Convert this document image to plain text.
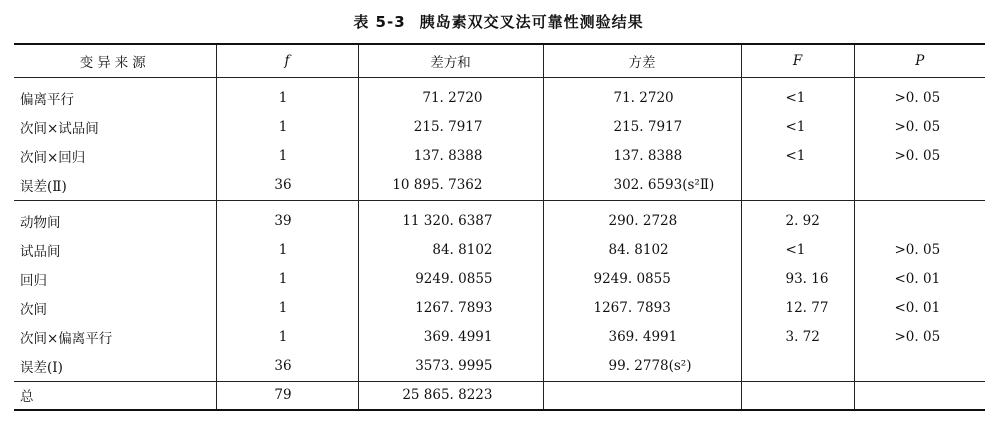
表 5-3 胰岛素双交叉法可靠性测验结果
变异来源	f	差方和	方差	F	P
偏离平行	1	71. 2720	71. 2720	<1	>0. 05
次间×试品间	1	215. 7917	215. 7917	<1	>0. 05
次间×回归	1	137. 8388	137. 8388	<1	>0. 05
误差(Ⅱ)	36	10 895. 7362	302. 6593(s²Ⅱ)		
动物间	39	11 320. 6387	290. 2728	2. 92	
试品间	1	84. 8102	84. 8102	<1	>0. 05
回归	1	9249. 0855	9249. 0855	93. 16	<0. 01
次间	1	1267. 7893	1267. 7893	12. 77	<0. 01
次间×偏离平行	1	369. 4991	369. 4991	3. 72	>0. 05
误差(Ⅰ)	36	3573. 9995	99. 2778(s²)		
总	79	25 865. 8223			
